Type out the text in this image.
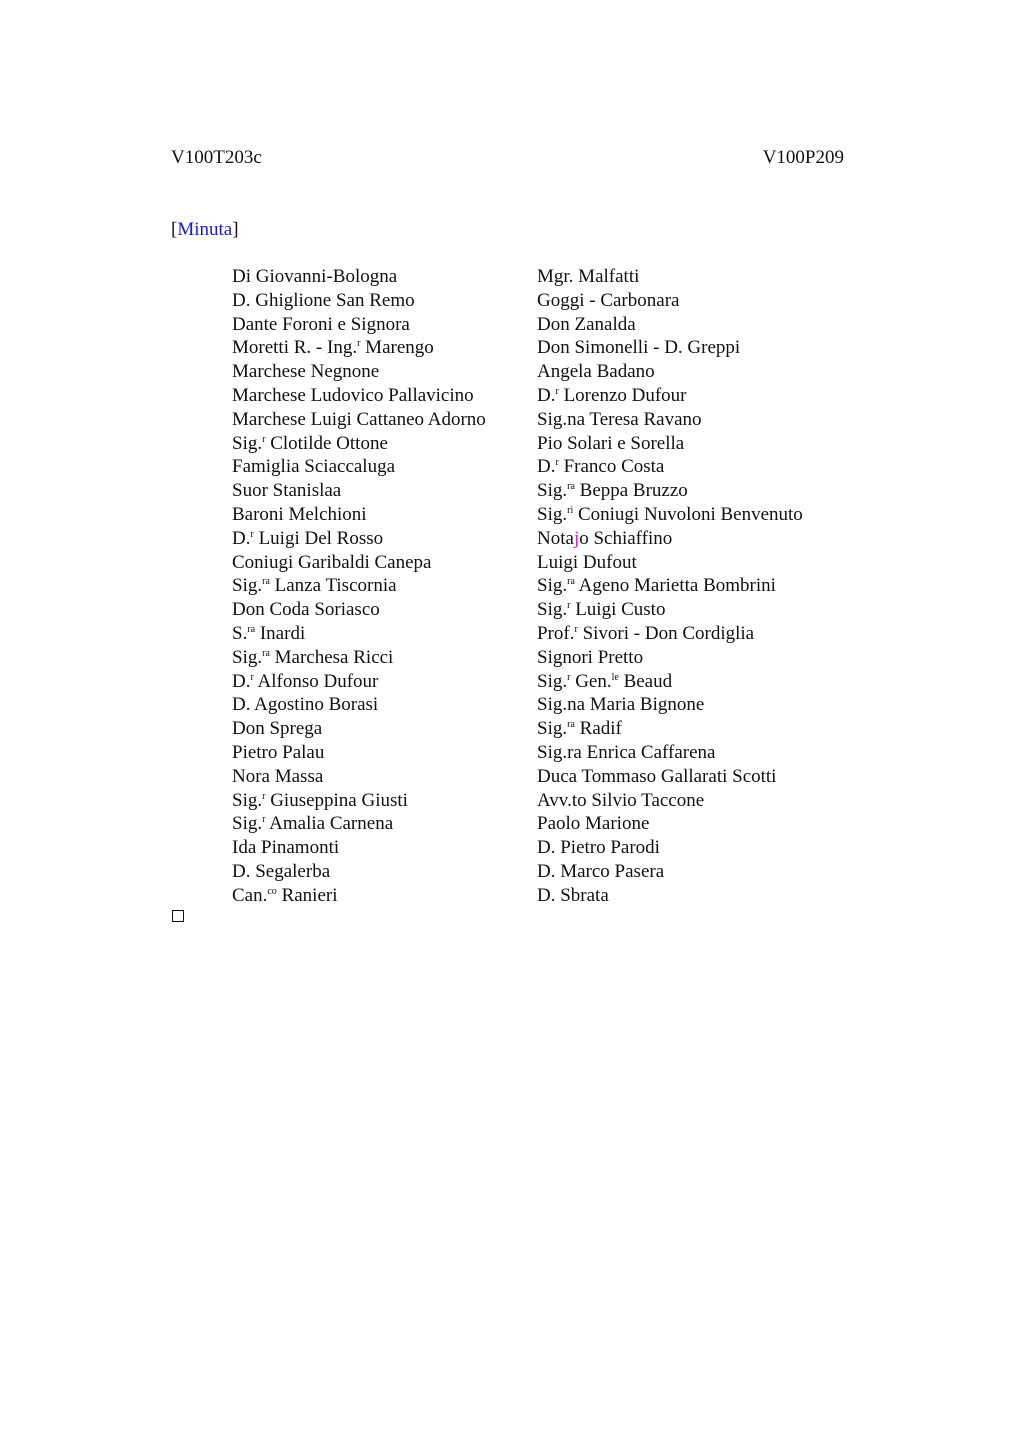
V100T203c	V100P209
[Minuta]
Di Giovanni-Bologna
D. Ghiglione San Remo
Dante Foroni e Signora
Moretti R. - Ing.$^r$ Marengo
Marchese Negnone
Marchese Ludovico Pallavicino
Marchese Luigi Cattaneo Adorno
Sig.$^r$ Clotilde Ottone
Famiglia Sciaccaluga
Suor Stanislaa
Baroni Melchioni
D.$^r$ Luigi Del Rosso
Coniugi Garibaldi Canepa
Sig.$^{ra}$ Lanza Tiscornia
Don Coda Soriasco
S.$^{ra}$ Inardi
Sig.$^{ra}$ Marchesa Ricci
D.$^r$ Alfonso Dufour
D. Agostino Borasi
Don Sprega
Pietro Palau
Nora Massa
Sig.$^r$ Giuseppina Giusti
Sig.$^r$ Amalia Carnena
Ida Pinamonti
D. Segalerba
Can.$^{co}$ Ranieri
Mgr. Malfatti
Goggi - Carbonara
Don Zanalda
Don Simonelli - D. Greppi
Angela Badano
D.$^r$ Lorenzo Dufour
Sig.na Teresa Ravano
Pio Solari e Sorella
D.$^r$ Franco Costa
Sig.$^{ra}$ Beppa Bruzzo
Sig.$^{ri}$ Coniugi Nuvoloni Benvenuto
Notajo Schiaffino
Luigi Dufout
Sig.$^{ra}$ Ageno Marietta Bombrini
Sig.$^r$ Luigi Custo
Prof.$^r$ Sivori - Don Cordiglia
Signori Pretto
Sig.$^r$ Gen.$^{le}$ Beaud
Sig.na Maria Bignone
Sig.$^{ra}$ Radif
Sig.ra Enrica Caffarena
Duca Tommaso Gallarati Scotti
Avv.to Silvio Taccone
Paolo Marione
D. Pietro Parodi
D. Marco Pasera
D. Sbrata
